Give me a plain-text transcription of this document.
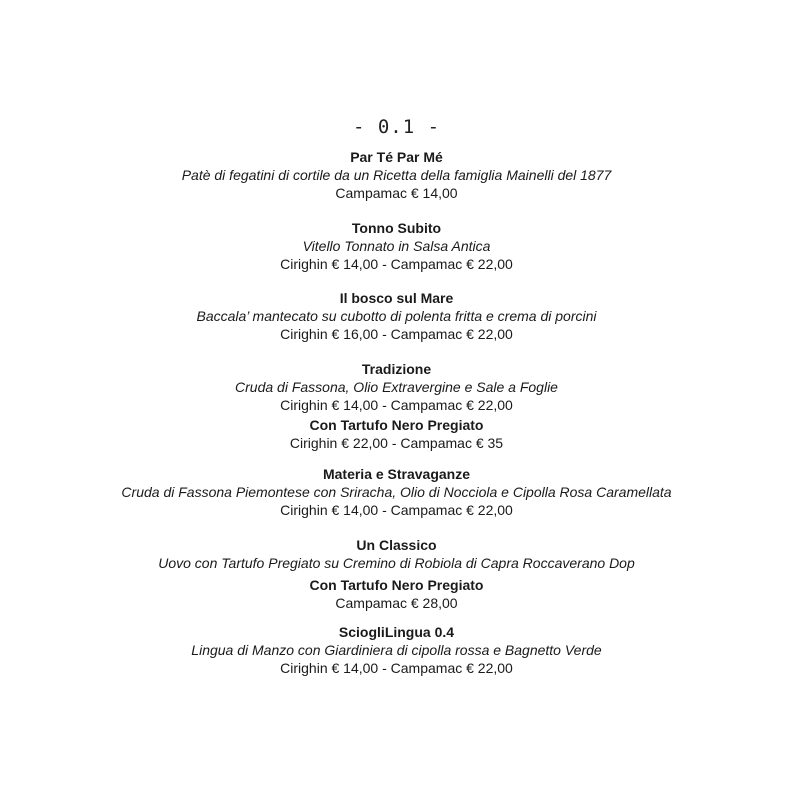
- 0.1 -
Par Té Par Mé
Patè di fegatini di cortile da un Ricetta della famiglia Mainelli del 1877
Campamac € 14,00
Tonno Subito
Vitello Tonnato in Salsa Antica
Cirighin € 14,00 - Campamac € 22,00
Il bosco sul Mare
Baccala’ mantecato su cubotto di polenta fritta e crema di porcini
Cirighin € 16,00 - Campamac € 22,00
Tradizione
Cruda di Fassona, Olio Extravergine e Sale a Foglie
Cirighin € 14,00 - Campamac € 22,00
Con Tartufo Nero Pregiato
Cirighin € 22,00 - Campamac € 35
Materia e Stravaganze
Cruda di Fassona Piemontese con Sriracha, Olio di Nocciola e Cipolla Rosa Caramellata
Cirighin € 14,00 - Campamac € 22,00
Un Classico
Uovo con Tartufo Pregiato su Cremino di Robiola di Capra Roccaverano Dop
Con Tartufo Nero Pregiato
Campamac € 28,00
SciogliLingua 0.4
Lingua di Manzo con Giardiniera di cipolla rossa e Bagnetto Verde
Cirighin € 14,00 - Campamac € 22,00
